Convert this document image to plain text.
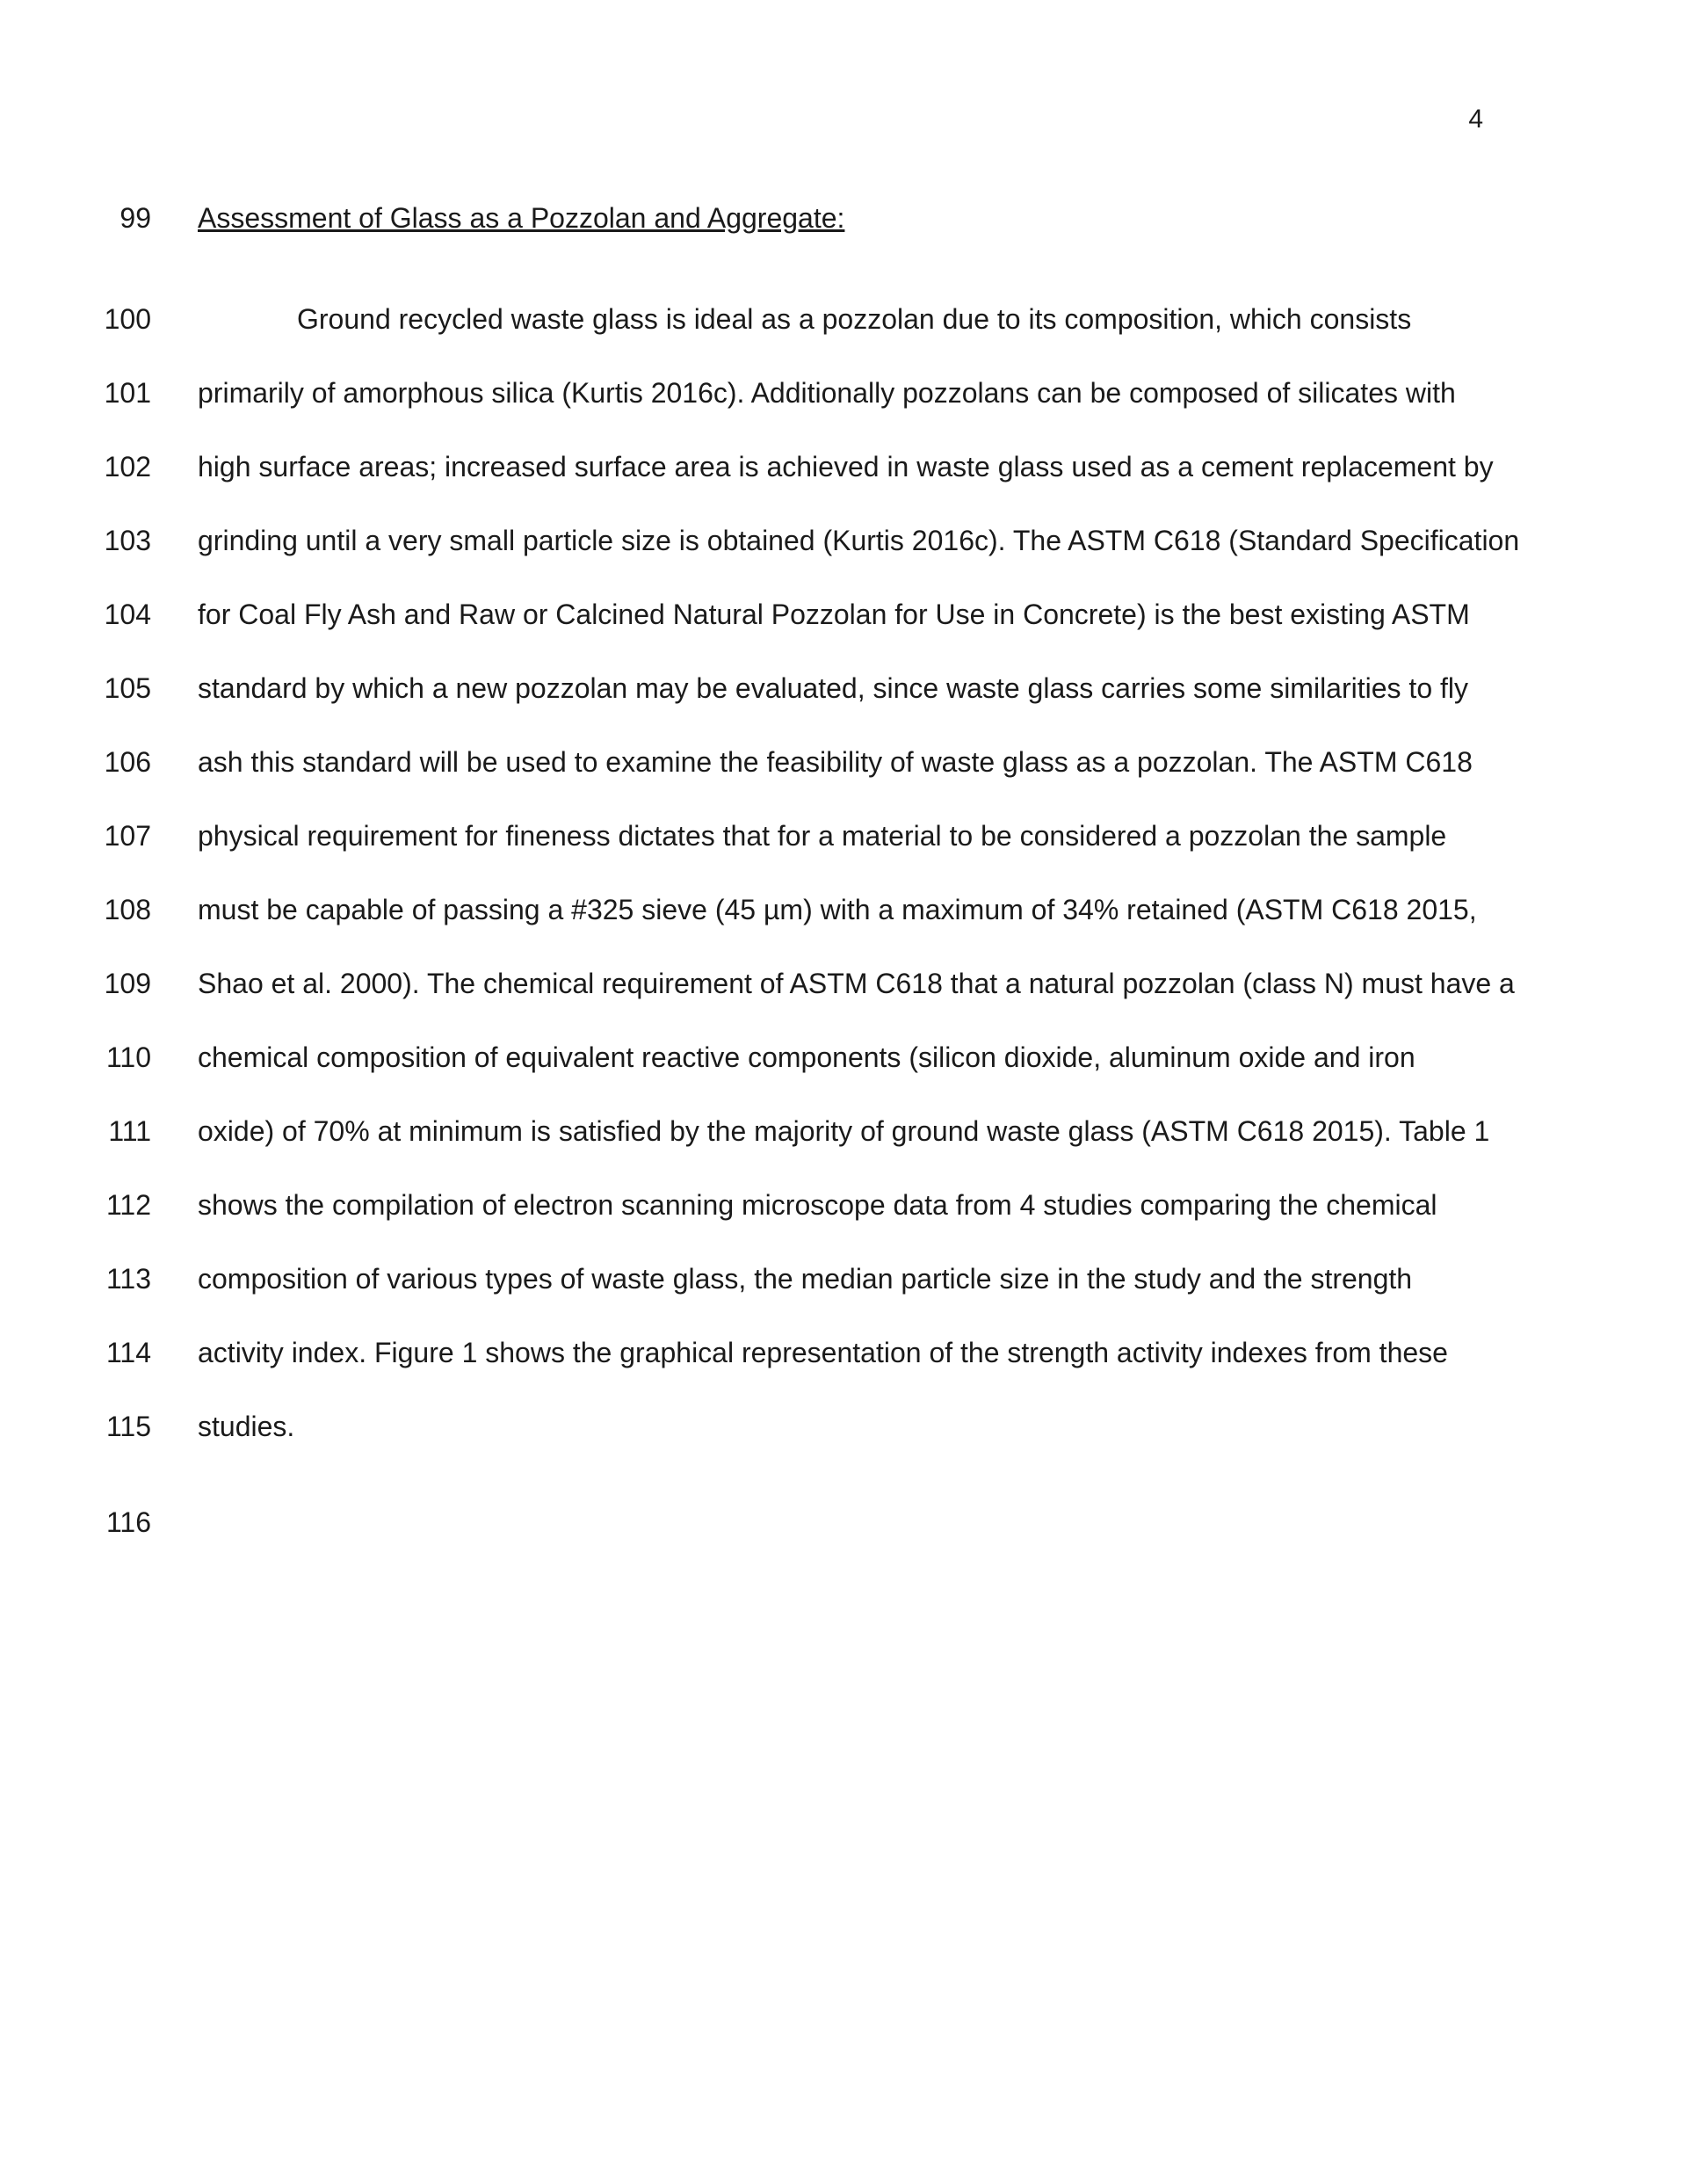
4
99 Assessment of Glass as a Pozzolan and Aggregate:
100	Ground recycled waste glass is ideal as a pozzolan due to its composition, which consists
101 primarily of amorphous silica (Kurtis 2016c). Additionally pozzolans can be composed of silicates with
102 high surface areas; increased surface area is achieved in waste glass used as a cement replacement by
103 grinding until a very small particle size is obtained (Kurtis 2016c). The ASTM C618 (Standard Specification
104 for Coal Fly Ash and Raw or Calcined Natural Pozzolan for Use in Concrete) is the best existing ASTM
105 standard by which a new pozzolan may be evaluated, since waste glass carries some similarities to fly
106 ash this standard will be used to examine the feasibility of waste glass as a pozzolan. The ASTM C618
107 physical requirement for fineness dictates that for a material to be considered a pozzolan the sample
108 must be capable of passing a #325 sieve (45 µm) with a maximum of 34% retained (ASTM C618 2015,
109 Shao et al. 2000). The chemical requirement of ASTM C618 that a natural pozzolan (class N) must have a
110 chemical composition of equivalent reactive components (silicon dioxide, aluminum oxide and iron
111 oxide) of 70% at minimum is satisfied by the majority of ground waste glass (ASTM C618 2015). Table 1
112 shows the compilation of electron scanning microscope data from 4 studies comparing the chemical
113 composition of various types of waste glass, the median particle size in the study and the strength
114 activity index. Figure 1 shows the graphical representation of the strength activity indexes from these
115 studies.
116
